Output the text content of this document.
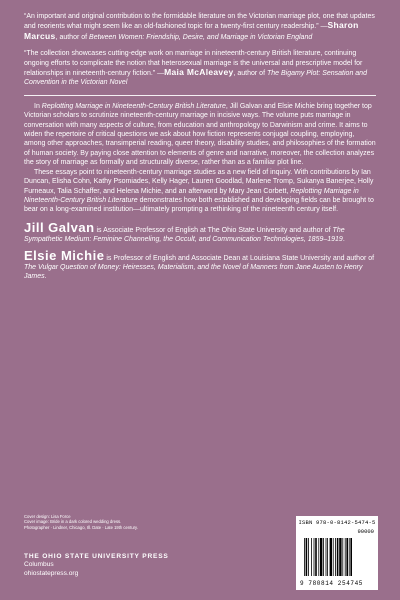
“An important and original contribution to the formidable literature on the Victorian marriage plot, one that updates and reorients what might seem like an old-fashioned topic for a twenty-first century readership.” —Sharon Marcus, author of Between Women: Friendship, Desire, and Marriage in Victorian England

“The collection showcases cutting-edge work on marriage in nineteenth-century British literature, continuing ongoing efforts to complicate the notion that heterosexual marriage is the universal and prescriptive model for relationships in nineteenth-century fiction.” —Maia McAleavey, author of The Bigamy Plot: Sensation and Convention in the Victorian Novel

In Replotting Marriage in Nineteenth-Century British Literature, Jill Galvan and Elsie Michie bring together top Victorian scholars to scrutinize nineteenth-century marriage in incisive ways. The volume puts marriage in conversation with many aspects of culture, from education and anthropology to Darwinism and crime. It aims to widen the repertoire of critical questions we ask about how fiction represents conjugal coupling, employing, among other approaches, transimperial reading, queer theory, disability studies, and philosophies of the formation of human society. By paying close attention to elements of genre and narrative, moreover, the collection analyzes the story of marriage as formally and structurally diverse, rather than as a familiar plot line.

These essays point to nineteenth-century marriage studies as a new field of inquiry. With contributions by Ian Duncan, Elisha Cohn, Kathy Psomiades, Kelly Hager, Lauren Goodlad, Marlene Tromp, Sukanya Banerjee, Holly Furneaux, Talia Schaffer, and Helena Michie, and an afterword by Mary Jean Corbett, Replotting Marriage in Nineteenth-Century British Literature demonstrates how both established and developing fields can be brought to bear on a long-examined institution—ultimately prompting a rethinking of the nineteenth century itself.

Jill Galvan is Associate Professor of English at The Ohio State University and author of The Sympathetic Medium: Feminine Channeling, the Occult, and Communication Technologies, 1859–1919.

Elsie Michie is Professor of English and Associate Dean at Louisiana State University and author of The Vulgar Question of Money: Heiresses, Materialism, and the Novel of Manners from Jane Austen to Henry James.

Cover design: Lisa Force
Cover image: Bride in a dark colored wedding dress.
Photographer · Lindner, Chicago, Ill. Date · Late 19th century.
THE OHIO STATE UNIVERSITY PRESS
Columbus
ohiostatepress.org
ISBN 978-0-8142-5474-5
90000
9 780814 254745
